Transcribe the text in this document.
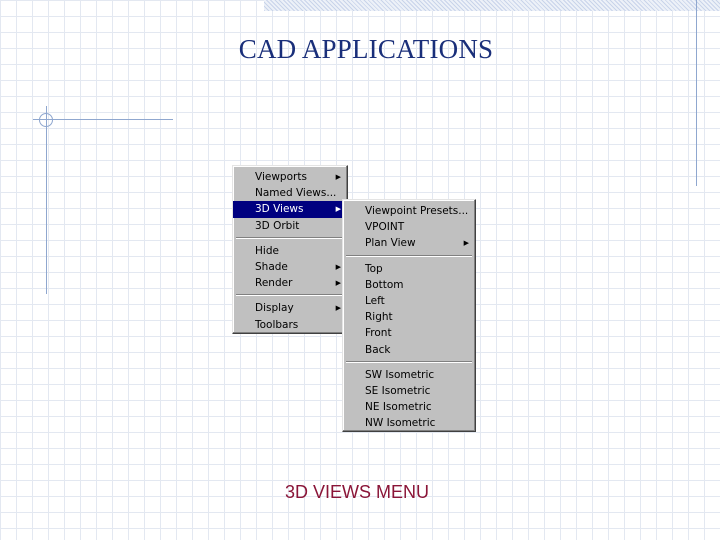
CAD APPLICATIONS
Viewports	▶
Named Views...
3D Views	▶
3D Orbit
Hide
Shade	▶
Render	▶
Display	▶
Toolbars
Viewpoint Presets...
VPOINT
Plan View	▶
Top
Bottom
Left
Right
Front
Back
SW Isometric
SE Isometric
NE Isometric
NW Isometric
3D VIEWS MENU
